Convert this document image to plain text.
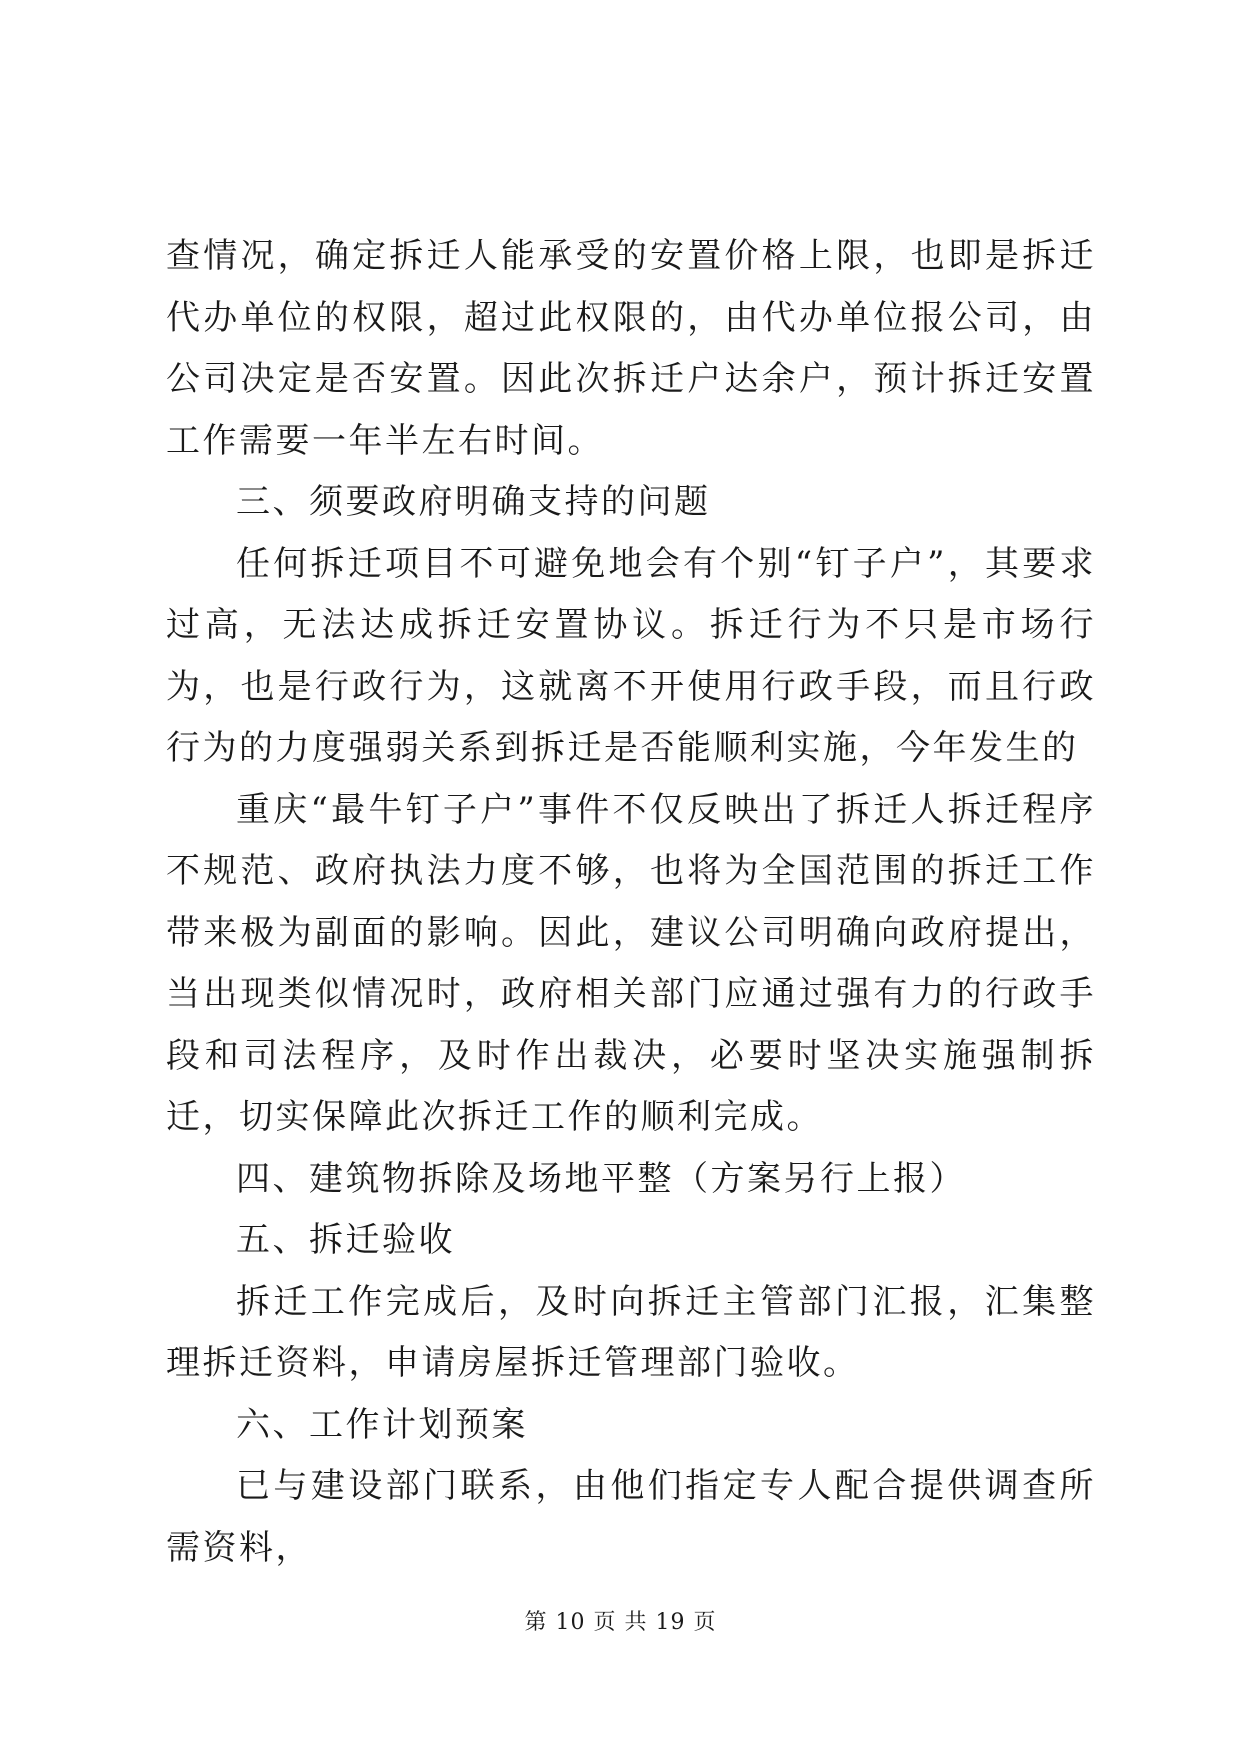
查情况，确定拆迁人能承受的安置价格上限，也即是拆迁代办单位的权限，超过此权限的，由代办单位报公司，由公司决定是否安置。因此次拆迁户达余户，预计拆迁安置工作需要一年半左右时间。

三、须要政府明确支持的问题

任何拆迁项目不可避免地会有个别“钉子户”，其要求过高，无法达成拆迁安置协议。拆迁行为不只是市场行为，也是行政行为，这就离不开使用行政手段，而且行政行为的力度强弱关系到拆迁是否能顺利实施，今年发生的

重庆“最牛钉子户”事件不仅反映出了拆迁人拆迁程序不规范、政府执法力度不够，也将为全国范围的拆迁工作带来极为副面的影响。因此，建议公司明确向政府提出，当出现类似情况时，政府相关部门应通过强有力的行政手段和司法程序，及时作出裁决，必要时坚决实施强制拆迁，切实保障此次拆迁工作的顺利完成。

四、建筑物拆除及场地平整（方案另行上报）

五、拆迁验收

拆迁工作完成后，及时向拆迁主管部门汇报，汇集整理拆迁资料，申请房屋拆迁管理部门验收。

六、工作计划预案

已与建设部门联系，由他们指定专人配合提供调查所需资料，

第 10 页 共 19 页
